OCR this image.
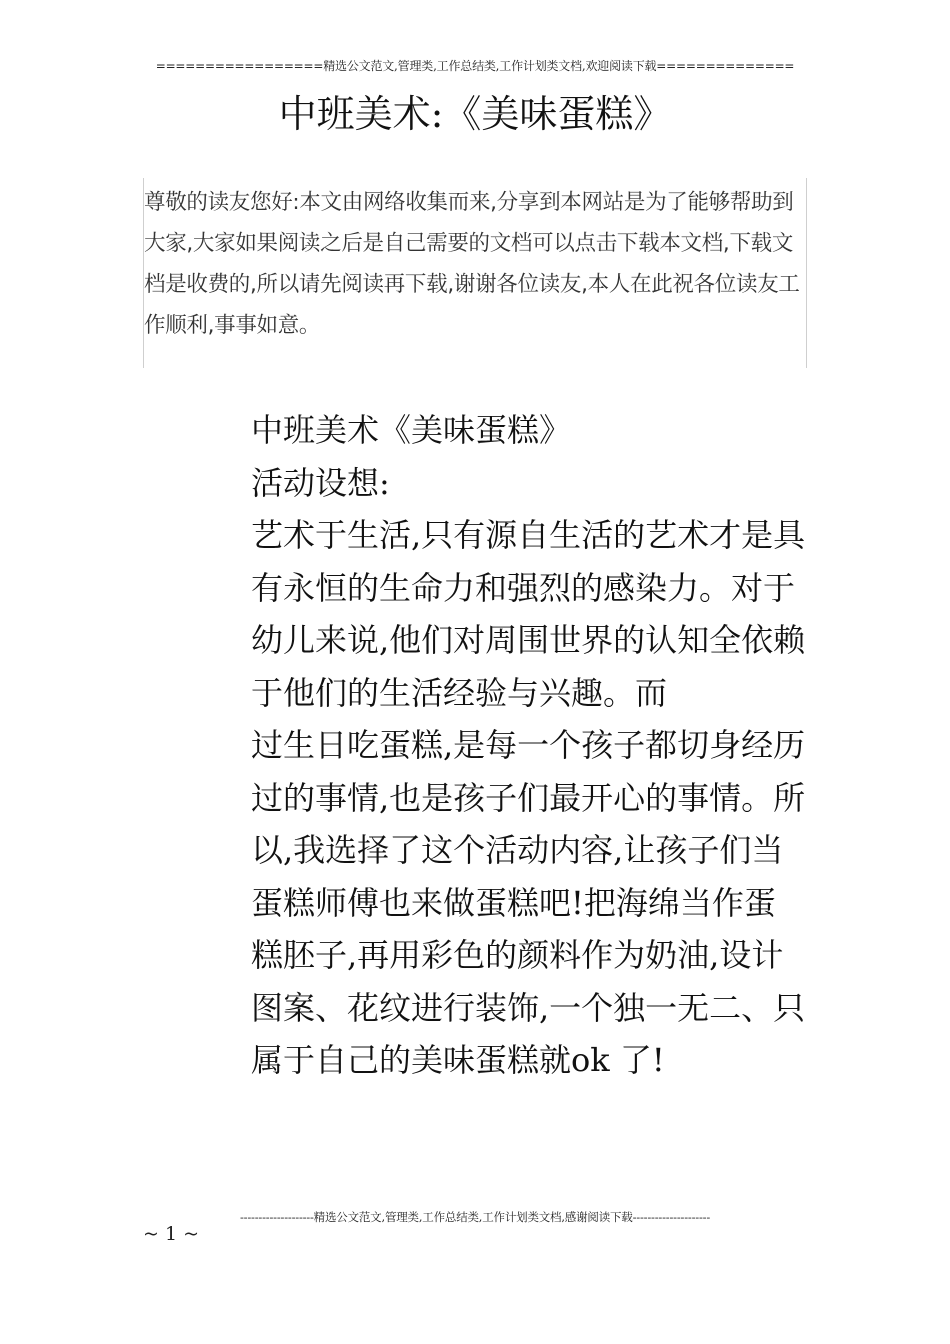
=================精选公文范文,管理类,工作总结类,工作计划类文档,欢迎阅读下载==============
中班美术:《美味蛋糕》

尊敬的读友您好:本文由网络收集而来,分享到本网站是为了能够帮助到大家,大家如果阅读之后是自己需要的文档可以点击下载本文档,下载文档是收费的,所以请先阅读再下载,谢谢各位读友,本人在此祝各位读友工作顺利,事事如意。

中班美术《美味蛋糕》

活动设想:

艺术于生活,只有源自生活的艺术才是具有永恒的生命力和强烈的感染力。对于幼儿来说,他们对周围世界的认知全依赖于他们的生活经验与兴趣。而

过生日吃蛋糕,是每一个孩子都切身经历过的事情,也是孩子们最开心的事情。所以,我选择了这个活动内容,让孩子们当蛋糕师傅也来做蛋糕吧!把海绵当作蛋糕胚子,再用彩色的颜料作为奶油,设计图案、花纹进行装饰,一个独一无二、只属于自己的美味蛋糕就ok 了!

--------------------精选公文范文,管理类,工作总结类,工作计划类文档,感谢阅读下载---------------------
~ 1 ~
